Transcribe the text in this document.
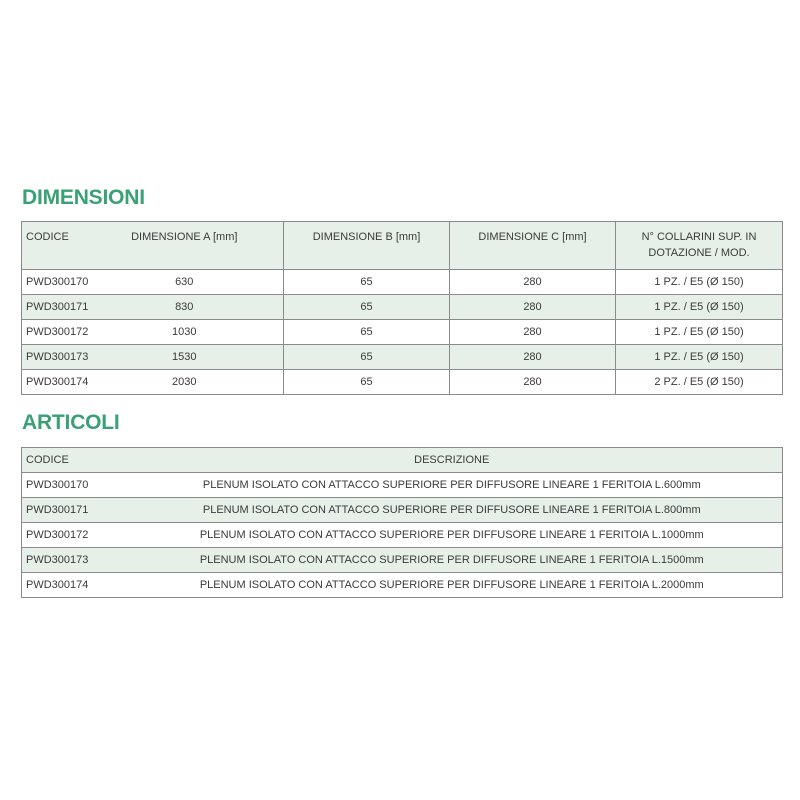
DIMENSIONI
CODICE	DIMENSIONE A [mm]	DIMENSIONE B [mm]	DIMENSIONE C [mm]	N° COLLARINI SUP. IN
DOTAZIONE / MOD.

PWD300170	630	65	280	1 PZ. / E5 (Ø 150)
PWD300171	830	65	280	1 PZ. / E5 (Ø 150)
PWD300172	1030	65	280	1 PZ. / E5 (Ø 150)
PWD300173	1530	65	280	1 PZ. / E5 (Ø 150)
PWD300174	2030	65	280	2 PZ. / E5 (Ø 150)
ARTICOLI
CODICE	DESCRIZIONE
PWD300170	PLENUM ISOLATO CON ATTACCO SUPERIORE PER DIFFUSORE LINEARE 1 FERITOIA L.600mm
PWD300171	PLENUM ISOLATO CON ATTACCO SUPERIORE PER DIFFUSORE LINEARE 1 FERITOIA L.800mm
PWD300172	PLENUM ISOLATO CON ATTACCO SUPERIORE PER DIFFUSORE LINEARE 1 FERITOIA L.1000mm
PWD300173	PLENUM ISOLATO CON ATTACCO SUPERIORE PER DIFFUSORE LINEARE 1 FERITOIA L.1500mm
PWD300174	PLENUM ISOLATO CON ATTACCO SUPERIORE PER DIFFUSORE LINEARE 1 FERITOIA L.2000mm
